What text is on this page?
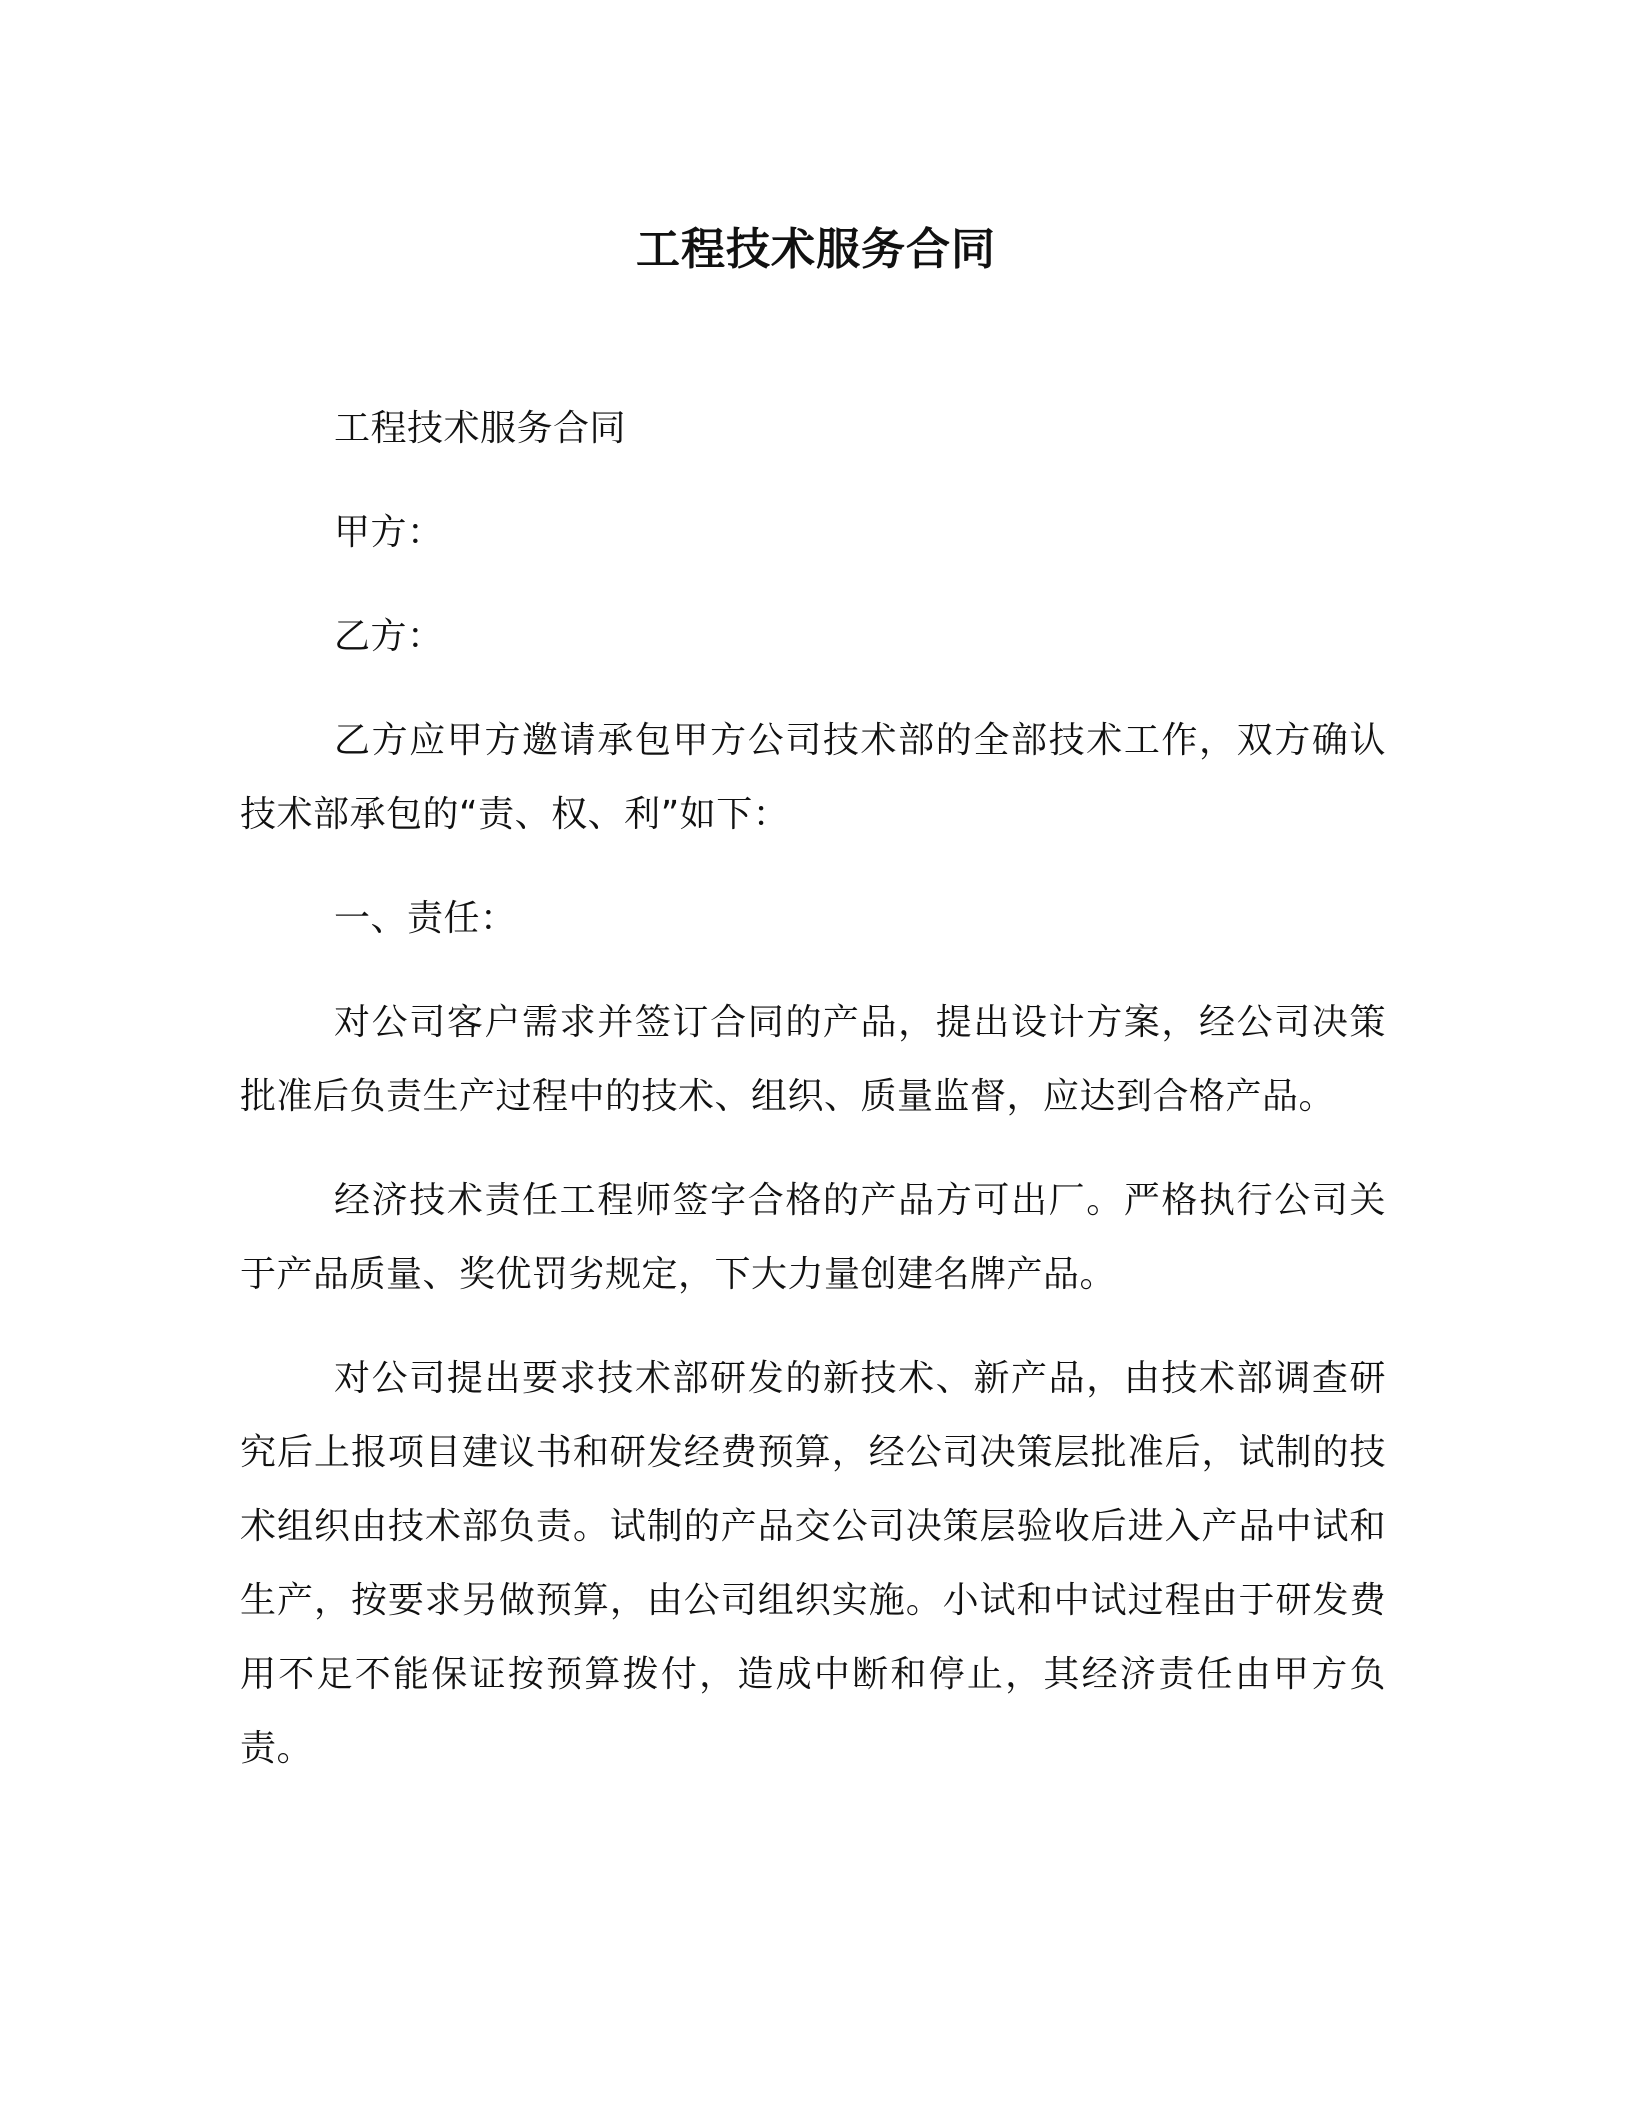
工程技术服务合同

工程技术服务合同

甲方：

乙方：

乙方应甲方邀请承包甲方公司技术部的全部技术工作，双方确认技术部承包的“责、权、利”如下：

一、责任：

对公司客户需求并签订合同的产品，提出设计方案，经公司决策批准后负责生产过程中的技术、组织、质量监督，应达到合格产品。

经济技术责任工程师签字合格的产品方可出厂。严格执行公司关于产品质量、奖优罚劣规定，下大力量创建名牌产品。

对公司提出要求技术部研发的新技术、新产品，由技术部调查研究后上报项目建议书和研发经费预算，经公司决策层批准后，试制的技术组织由技术部负责。试制的产品交公司决策层验收后进入产品中试和生产，按要求另做预算，由公司组织实施。小试和中试过程由于研发费用不足不能保证按预算拨付，造成中断和停止，其经济责任由甲方负责。
